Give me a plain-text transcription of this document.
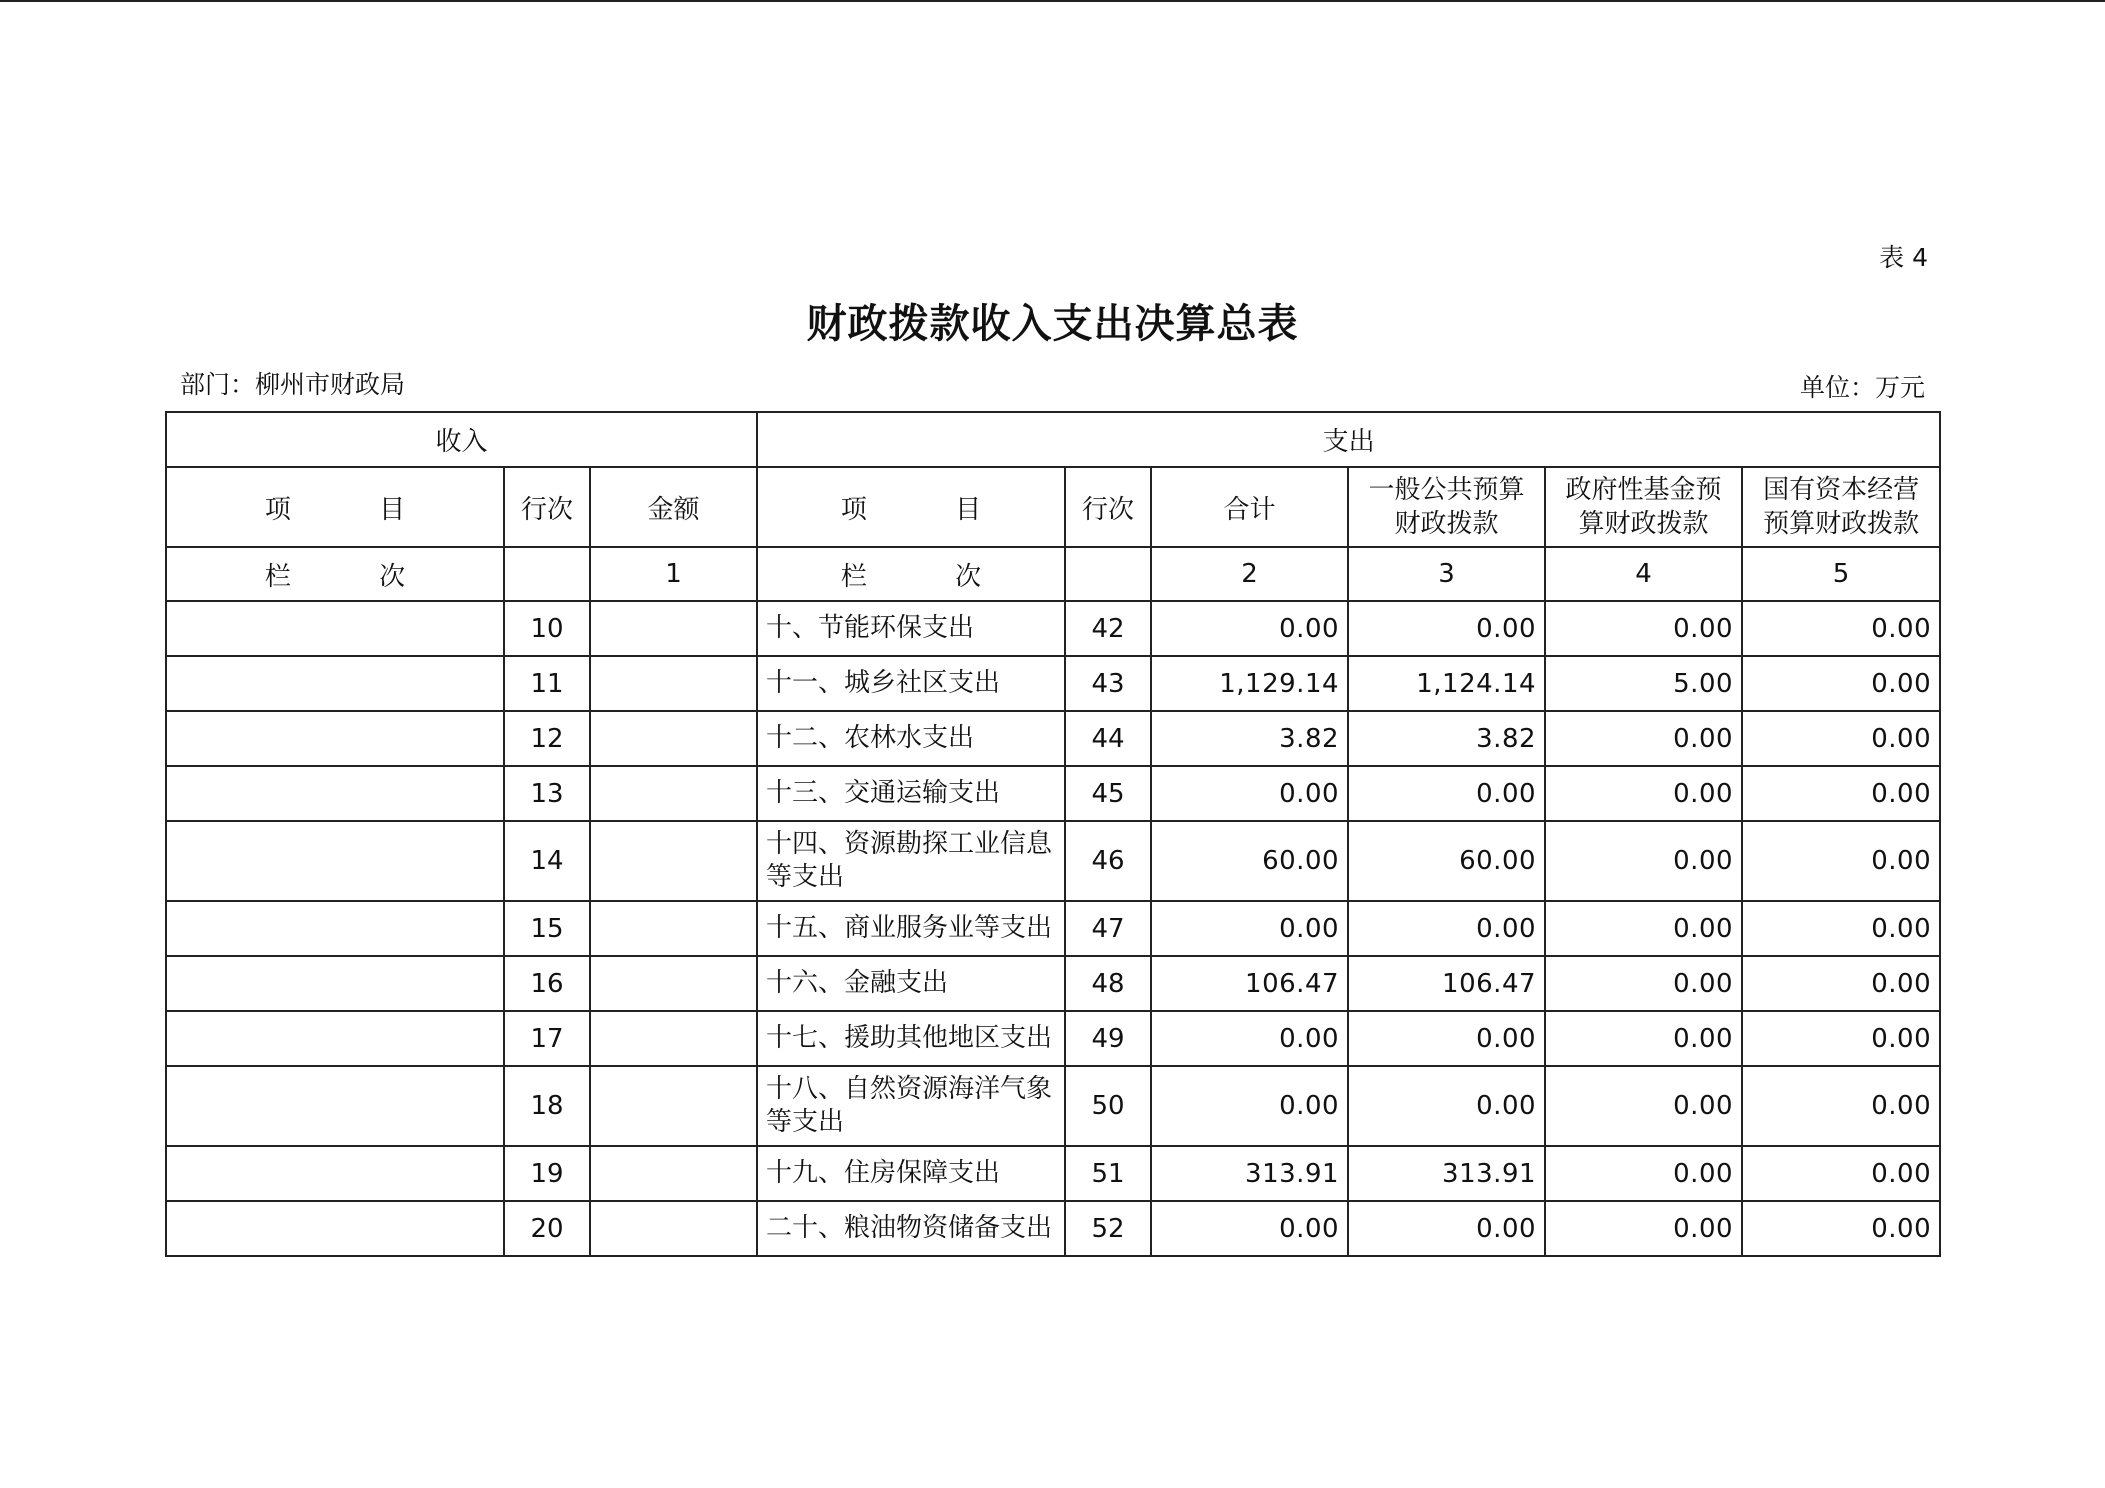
表 4
财政拨款收入支出决算总表
部门：柳州市财政局	单位：万元
收入			支出					
项 目	行次	金额	项 目	行次	合计	一般公共预算财政拨款	政府性基金预算财政拨款	国有资本经营预算财政拨款
栏 次		1	栏 次		2	3	4	5
	10		十、节能环保支出	42	0.00	0.00	0.00	0.00
	11		十一、城乡社区支出	43	1,129.14	1,124.14	5.00	0.00
	12		十二、农林水支出	44	3.82	3.82	0.00	0.00
	13		十三、交通运输支出	45	0.00	0.00	0.00	0.00
	14		十四、资源勘探工业信息等支出	46	60.00	60.00	0.00	0.00
	15		十五、商业服务业等支出	47	0.00	0.00	0.00	0.00
	16		十六、金融支出	48	106.47	106.47	0.00	0.00
	17		十七、援助其他地区支出	49	0.00	0.00	0.00	0.00
	18		十八、自然资源海洋气象等支出	50	0.00	0.00	0.00	0.00
	19		十九、住房保障支出	51	313.91	313.91	0.00	0.00
	20		二十、粮油物资储备支出	52	0.00	0.00	0.00	0.00
